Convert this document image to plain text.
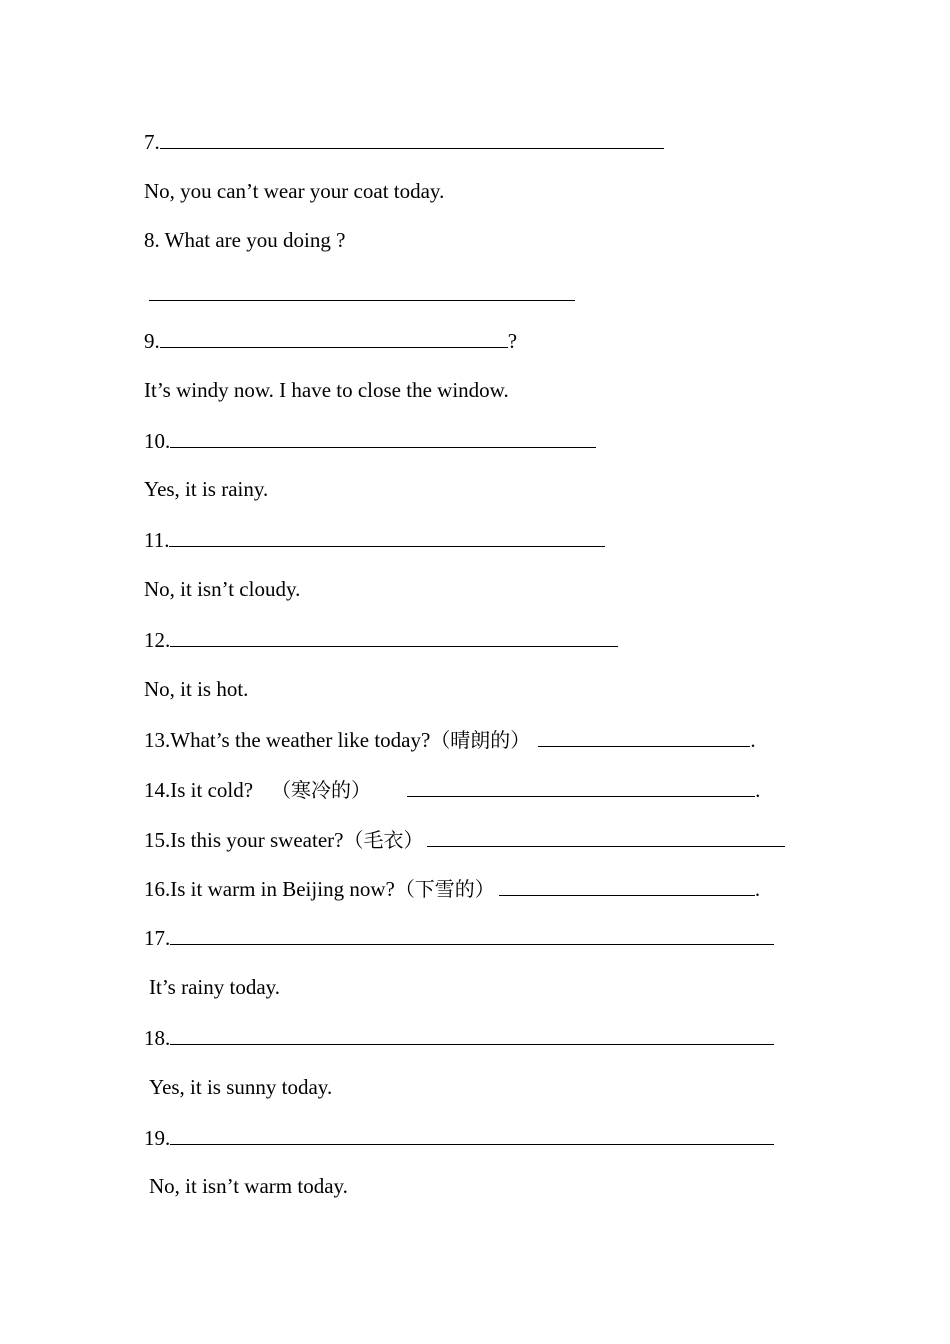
7.
No, you can’t wear your coat today.
8. What are you doing ?
9.	?
It’s windy now. I have to close the window.
10.
Yes, it is rainy.
11.
No, it isn’t cloudy.
12.
No, it is hot.
13.What’s the weather like today?（晴朗的）	.
14.Is it cold? （寒冷的）	.
15.Is this your sweater?（毛衣）
16.Is it warm in Beijing now?（下雪的）	.
17.
It’s rainy today.
18.
Yes, it is sunny today.
19.
No, it isn’t warm today.
